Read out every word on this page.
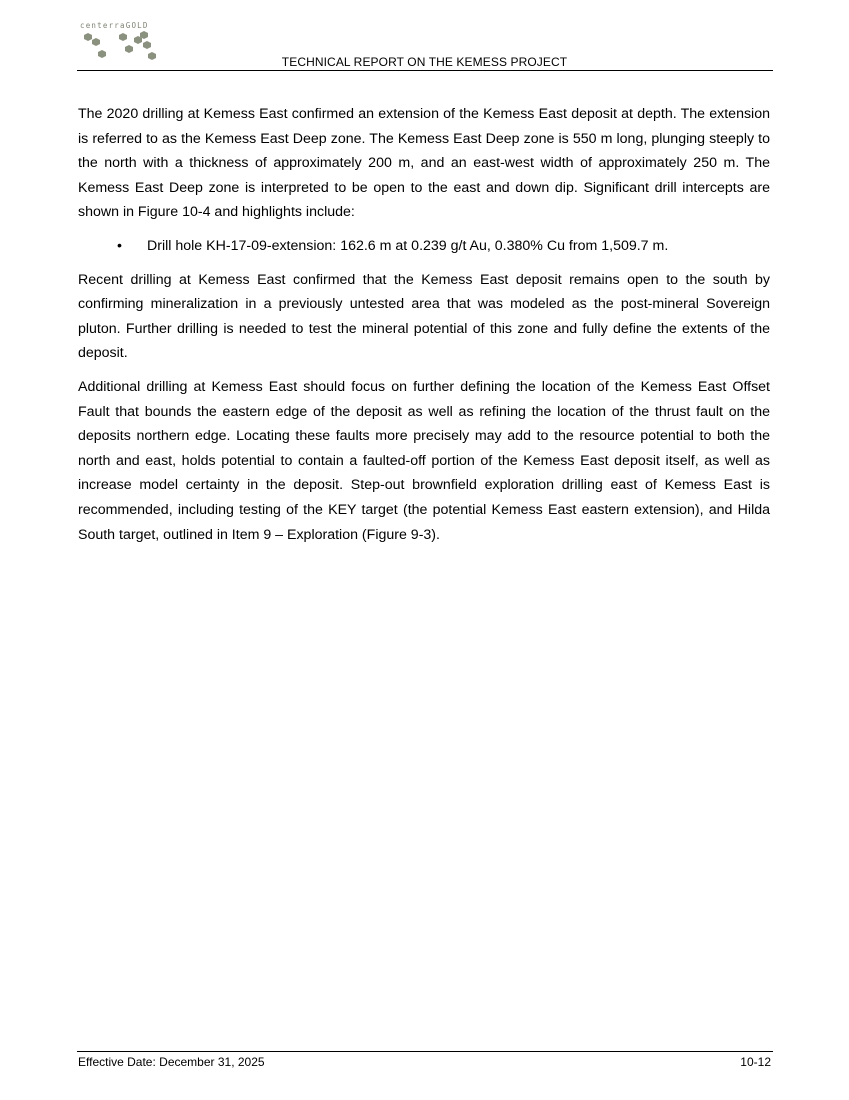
centerraGOLD
TECHNICAL REPORT ON THE KEMESS PROJECT

The 2020 drilling at Kemess East confirmed an extension of the Kemess East deposit at depth. The extension is referred to as the Kemess East Deep zone. The Kemess East Deep zone is 550 m long, plunging steeply to the north with a thickness of approximately 200 m, and an east-west width of approximately 250 m. The Kemess East Deep zone is interpreted to be open to the east and down dip. Significant drill intercepts are shown in Figure 10-4 and highlights include:

• Drill hole KH-17-09-extension: 162.6 m at 0.239 g/t Au, 0.380% Cu from 1,509.7 m.

Recent drilling at Kemess East confirmed that the Kemess East deposit remains open to the south by confirming mineralization in a previously untested area that was modeled as the post-mineral Sovereign pluton. Further drilling is needed to test the mineral potential of this zone and fully define the extents of the deposit.

Additional drilling at Kemess East should focus on further defining the location of the Kemess East Offset Fault that bounds the eastern edge of the deposit as well as refining the location of the thrust fault on the deposits northern edge. Locating these faults more precisely may add to the resource potential to both the north and east, holds potential to contain a faulted-off portion of the Kemess East deposit itself, as well as increase model certainty in the deposit. Step-out brownfield exploration drilling east of Kemess East is recommended, including testing of the KEY target (the potential Kemess East eastern extension), and Hilda South target, outlined in Item 9 – Exploration (Figure 9-3).

Effective Date: December 31, 2025	10-12
